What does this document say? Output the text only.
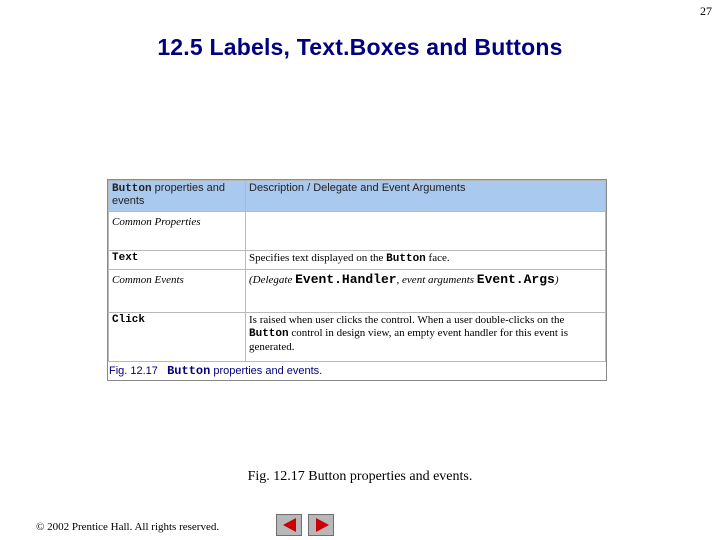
27
12.5 Labels, Text.Boxes and Buttons
Button properties and events	Description / Delegate and Event Arguments
Common Properties	
Text	Specifies text displayed on the Button face.
Common Events	(Delegate Event.Handler, event arguments Event.Args)
Click	Is raised when user clicks the control. When a user double-clicks on the Button control in design view, an empty event handler for this event is generated.
Fig. 12.17 Button properties and events.
Fig. 12.17 Button properties and events.
© 2002 Prentice Hall. All rights reserved.
